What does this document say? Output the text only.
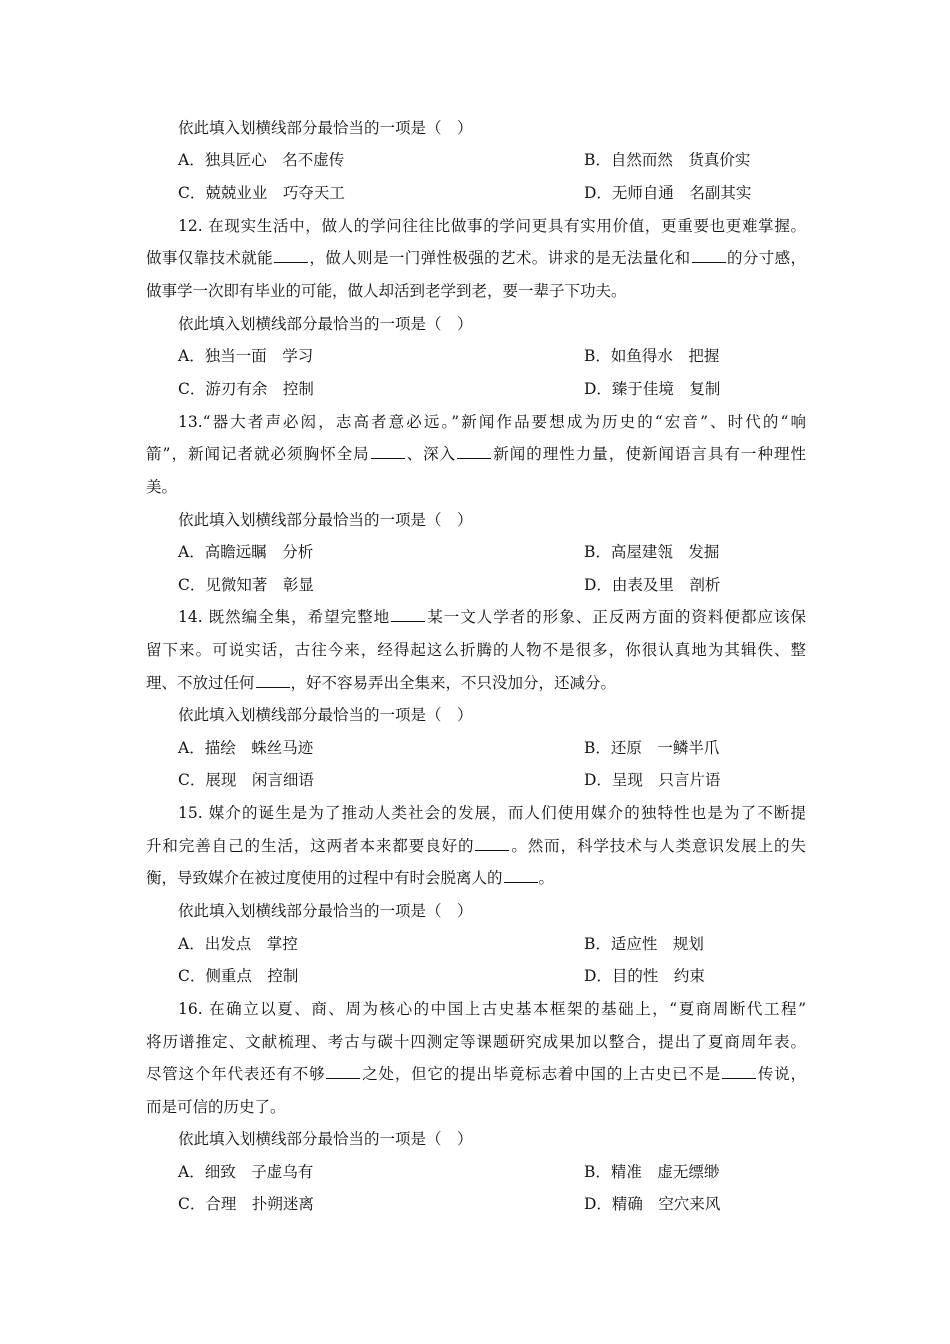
依此填入划横线部分最恰当的一项是（　）
A．独具匠心　名不虚传	B．自然而然　货真价实
C．兢兢业业　巧夺天工	D．无师自通　名副其实
12. 在现实生活中，做人的学问往往比做事的学问更具有实用价值，更重要也更难掌握。
做事仅靠技术就能 ，做人则是一门弹性极强的艺术。讲求的是无法量化和 的分寸感，
做事学一次即有毕业的可能，做人却活到老学到老，要一辈子下功夫。
依此填入划横线部分最恰当的一项是（　）
A．独当一面　学习	B．如鱼得水　把握
C．游刃有余　控制	D．臻于佳境　复制
13.“器大者声必闳，志高者意必远。”新闻作品要想成为历史的“宏音”、时代的“响
箭”，新闻记者就必须胸怀全局 、深入 新闻的理性力量，使新闻语言具有一种理性
美。
依此填入划横线部分最恰当的一项是（　）
A．高瞻远瞩　分析	B．高屋建瓴　发掘
C．见微知著　彰显	D．由表及里　剖析
14. 既然编全集，希望完整地 某一文人学者的形象、正反两方面的资料便都应该保
留下来。可说实话，古往今来，经得起这么折腾的人物不是很多，你很认真地为其辑佚、整
理、不放过任何 ，好不容易弄出全集来，不只没加分，还减分。
依此填入划横线部分最恰当的一项是（　）
A．描绘　蛛丝马迹	B．还原　一鳞半爪
C．展现　闲言细语	D．呈现　只言片语
15. 媒介的诞生是为了推动人类社会的发展，而人们使用媒介的独特性也是为了不断提
升和完善自己的生活，这两者本来都要良好的 。然而，科学技术与人类意识发展上的失
衡，导致媒介在被过度使用的过程中有时会脱离人的 。
依此填入划横线部分最恰当的一项是（　）
A．出发点　掌控	B．适应性　规划
C．侧重点　控制	D．目的性　约束
16. 在确立以夏、商、周为核心的中国上古史基本框架的基础上，“夏商周断代工程”
将历谱推定、文献梳理、考古与碳十四测定等课题研究成果加以整合，提出了夏商周年表。
尽管这个年代表还有不够 之处，但它的提出毕竟标志着中国的上古史已不是 传说，
而是可信的历史了。
依此填入划横线部分最恰当的一项是（　）
A．细致　子虚乌有	B．精准　虚无缥缈
C．合理　扑朔迷离	D．精确　空穴来风
